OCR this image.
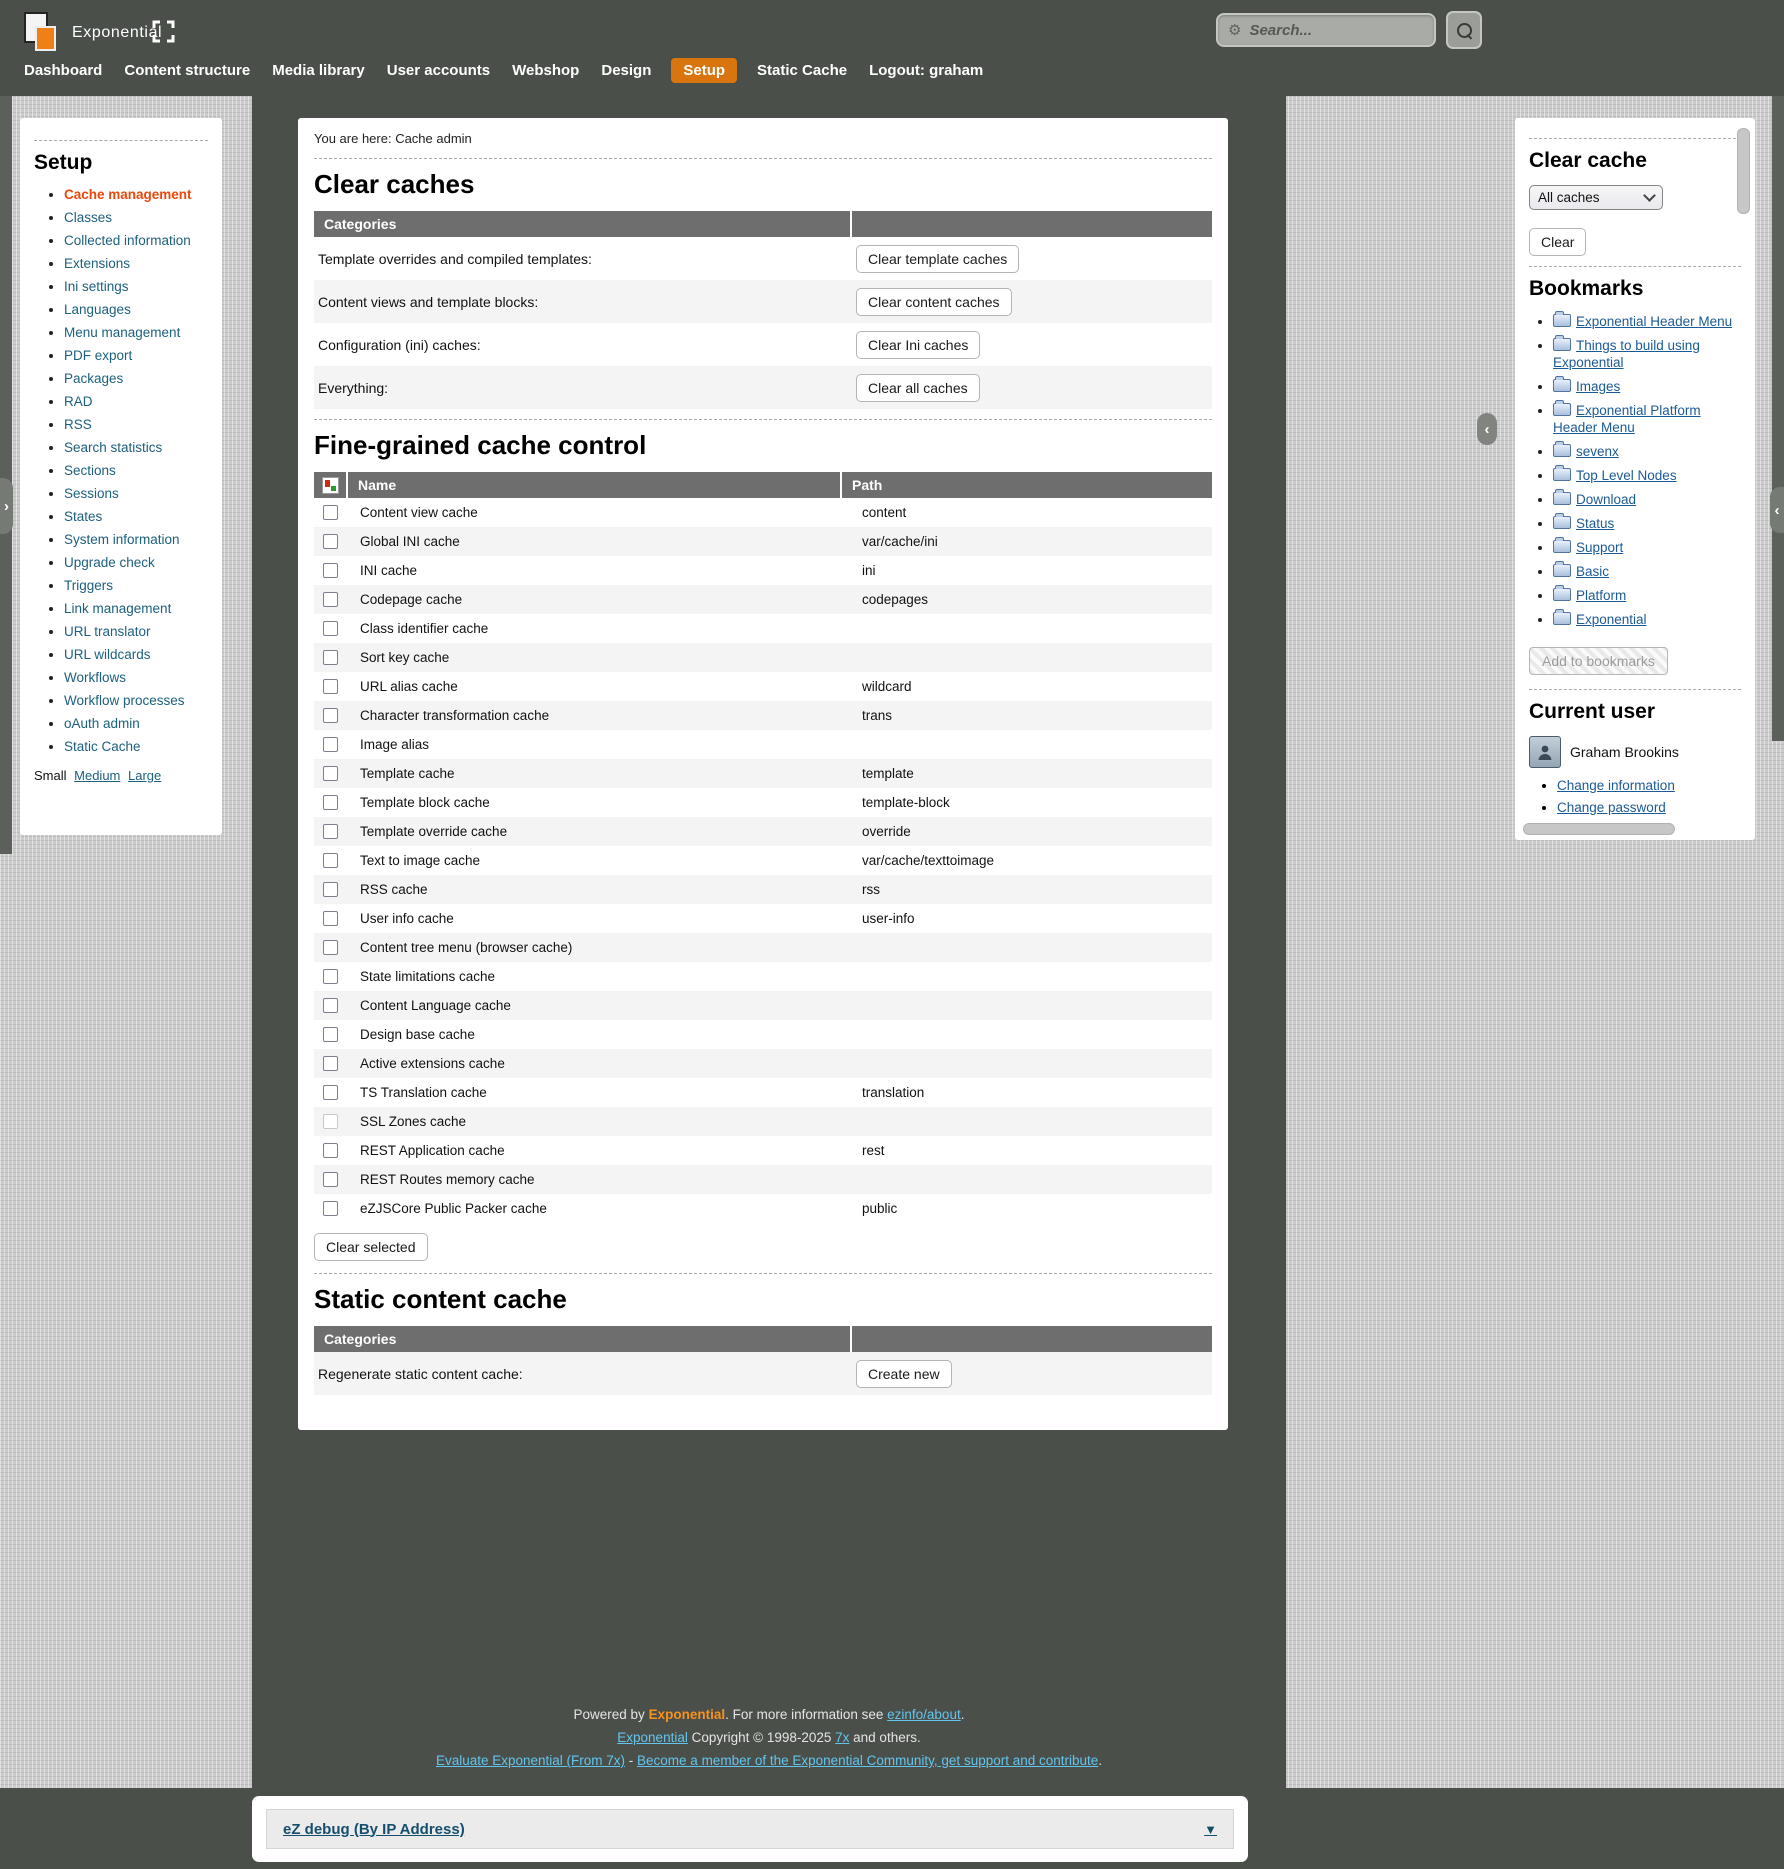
›
‹
‹
Exponential	⚙ Search...
Dashboard Content structure Media library User accounts Webshop Design	Setup	Static Cache Logout: graham
Setup
• Cache management
• Classes
• Collected information
• Extensions
• Ini settings
• Languages
• Menu management
• PDF export
• Packages
• RAD
• RSS
• Search statistics
• Sections
• Sessions
• States
• System information
• Upgrade check
• Triggers
• Link management
• URL translator
• URL wildcards
• Workflows
• Workflow processes
• oAuth admin
• Static Cache
Small Medium Large
You are here: Cache admin
Clear caches
Categories
Template overrides and compiled templates:	Clear template caches
Content views and template blocks:	Clear content caches
Configuration (ini) caches:	Clear Ini caches
Everything:	Clear all caches
Fine-grained cache control
Name	Path
Content view cache	content
Global INI cache	var/cache/ini
INI cache	ini
Codepage cache	codepages
Class identifier cache
Sort key cache
URL alias cache	wildcard
Character transformation cache	trans
Image alias
Template cache	template
Template block cache	template-block
Template override cache	override
Text to image cache	var/cache/texttoimage
RSS cache	rss
User info cache	user-info
Content tree menu (browser cache)
State limitations cache
Content Language cache
Design base cache
Active extensions cache
TS Translation cache	translation
SSL Zones cache
REST Application cache	rest
REST Routes memory cache
eZJSCore Public Packer cache	public
Clear selected
Static content cache
Categories
Regenerate static content cache:	Create new
Clear cache
All caches
Clear
Bookmarks
• Exponential Header Menu
• Things to build using Exponential
• Images
• Exponential Platform Header Menu
• sevenx
• Top Level Nodes
• Download
• Status
• Support
• Basic
• Platform
• Exponential
Add to bookmarks
Current user
Graham Brookins
• Change information
• Change password
Powered by Exponential. For more information see ezinfo/about.
Exponential Copyright © 1998-2025 7x and others.
Evaluate Exponential (From 7x) - Become a member of the Exponential Community, get support and contribute.
eZ debug (By IP Address)	▼
